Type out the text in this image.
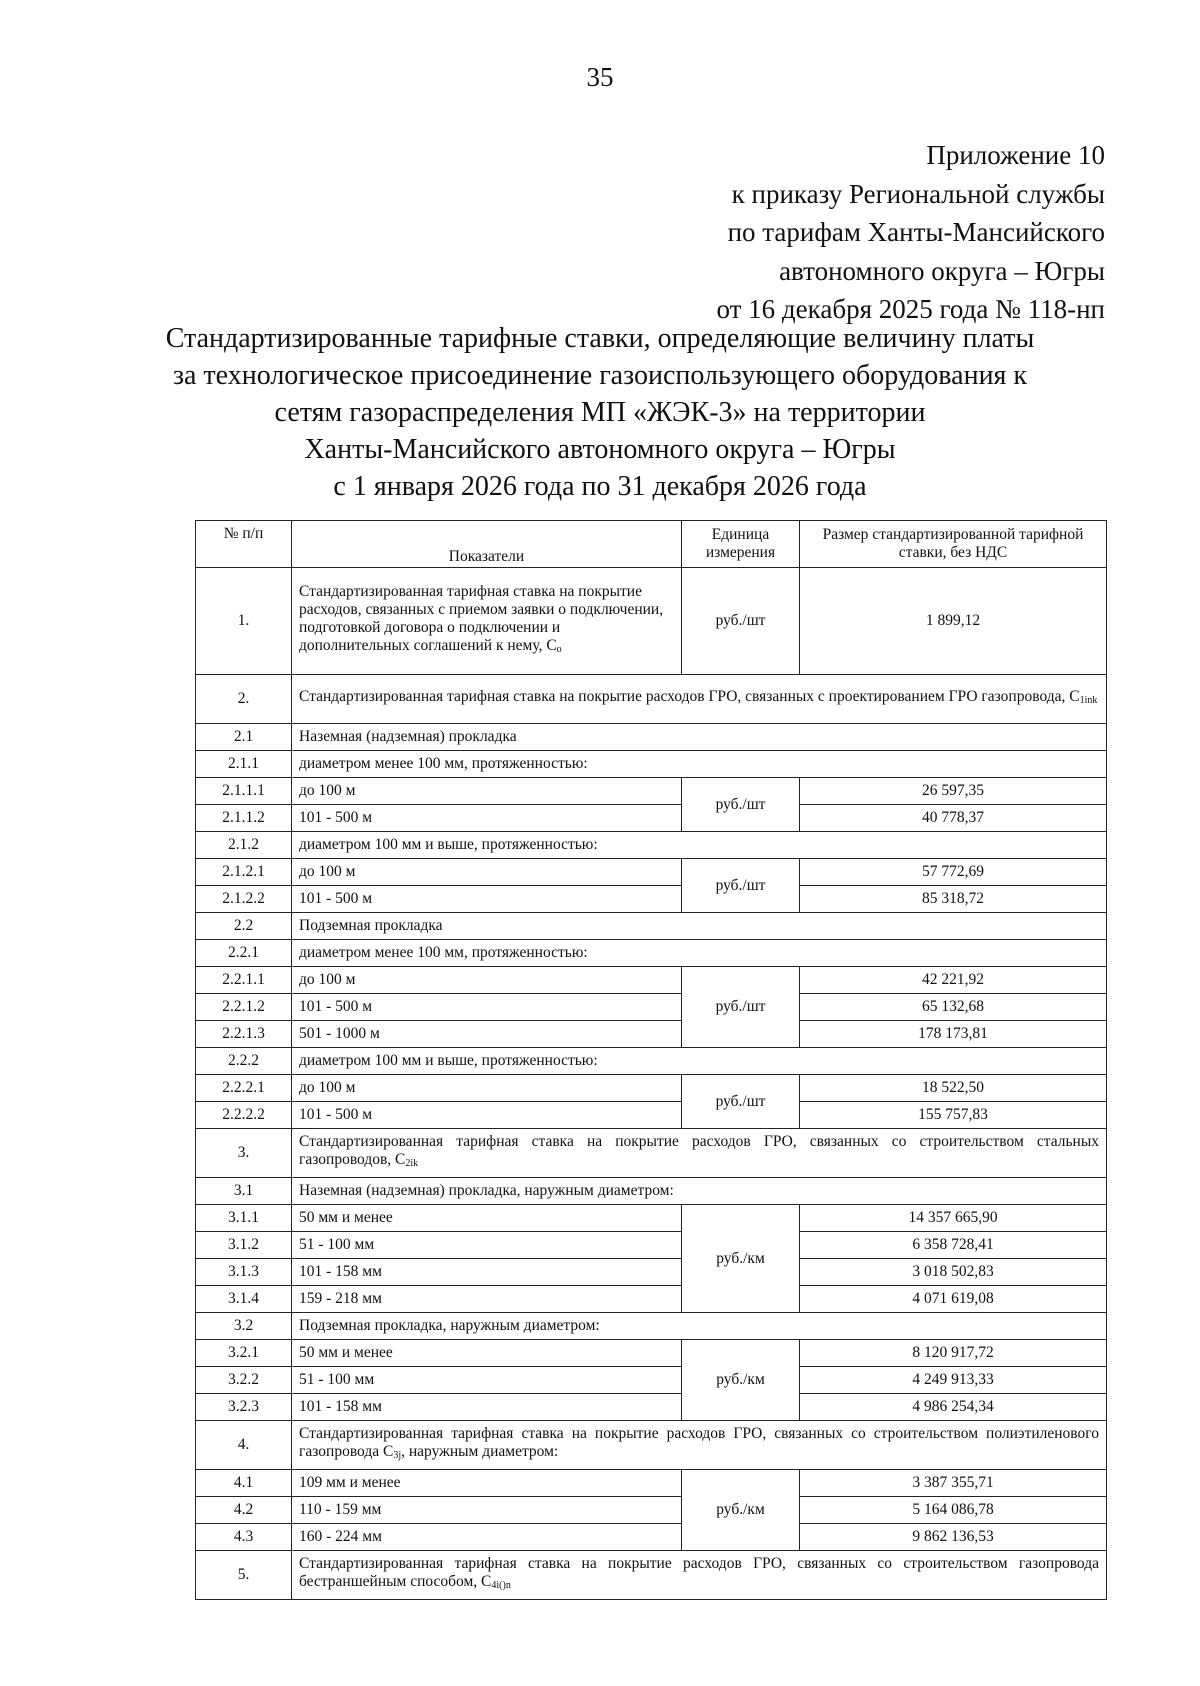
35
Приложение 10
к приказу Региональной службы
по тарифам Ханты-Мансийского
автономного округа – Югры
от 16 декабря 2025 года № 118-нп
Стандартизированные тарифные ставки, определяющие величину платы
за технологическое присоединение газоиспользующего оборудования к
сетям газораспределения МП «ЖЭК-3» на территории
Ханты-Мансийского автономного округа – Югры
с 1 января 2026 года по 31 декабря 2026 года
№ п/п	Показатели	Единица измерения	Размер стандартизированной тарифной ставки, без НДС
1.	Стандартизированная тарифная ставка на покрытие расходов, связанных с приемом заявки о подключении, подготовкой договора о подключении и дополнительных соглашений к нему, $C_o$	руб./шт	1 899,12
2.	Стандартизированная тарифная ставка на покрытие расходов ГРО, связанных с проектированием ГРО газопровода, $C_{1ink}$
2.1	Наземная (надземная) прокладка		
2.1.1	диаметром менее 100 мм, протяженностью:		
2.1.1.1	до 100 м	руб./шт	26 597,35
2.1.1.2	101 - 500 м		40 778,37
2.1.2	диаметром 100 мм и выше, протяженностью:		
2.1.2.1	до 100 м	руб./шт	57 772,69
2.1.2.2	101 - 500 м		85 318,72
2.2	Подземная прокладка		
2.2.1	диаметром менее 100 мм, протяженностью:		
2.2.1.1	до 100 м	руб./шт	42 221,92
2.2.1.2	101 - 500 м		65 132,68
2.2.1.3	501 - 1000 м		178 173,81
2.2.2	диаметром 100 мм и выше, протяженностью:		
2.2.2.1	до 100 м	руб./шт	18 522,50
2.2.2.2	101 - 500 м		155 757,83
3.	Стандартизированная тарифная ставка на покрытие расходов ГРО, связанных со строительством стальных газопроводов, $C_{2ik}$
3.1	Наземная (надземная) прокладка, наружным диаметром:		
3.1.1	50 мм и менее	руб./км	14 357 665,90
3.1.2	51 - 100 мм		6 358 728,41
3.1.3	101 - 158 мм		3 018 502,83
3.1.4	159 - 218 мм		4 071 619,08
3.2	Подземная прокладка, наружным диаметром:		
3.2.1	50 мм и менее	руб./км	8 120 917,72
3.2.2	51 - 100 мм		4 249 913,33
3.2.3	101 - 158 мм		4 986 254,34
4.	Стандартизированная тарифная ставка на покрытие расходов ГРО, связанных со строительством полиэтиленового газопровода $C_{3j}$, наружным диаметром:		
4.1	109 мм и менее	руб./км	3 387 355,71
4.2	110 - 159 мм		5 164 086,78
4.3	160 - 224 мм		9 862 136,53
5.	Стандартизированная тарифная ставка на покрытие расходов ГРО, связанных со строительством газопровода бестраншейным способом, $C_{4i()n}$
